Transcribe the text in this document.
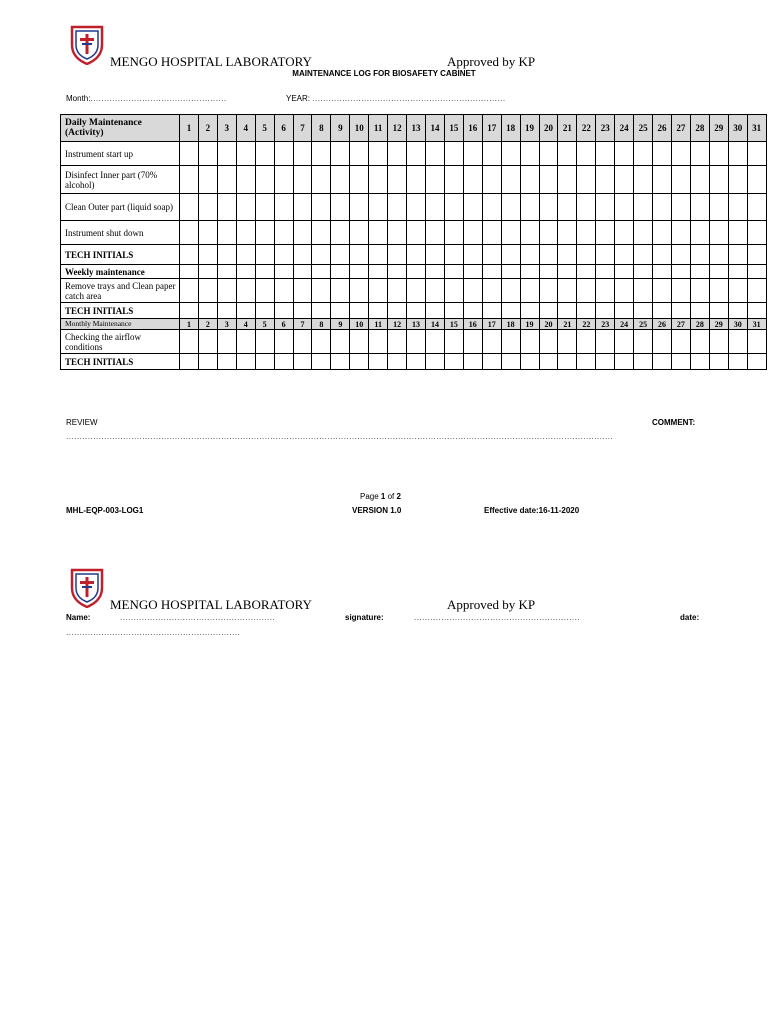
MENGO HOSPITAL LABORATORY	Approved by KP
MAINTENANCE LOG FOR BIOSAFETY CABINET
Month:..................................................	YEAR: .......................................................................
Daily Maintenance
(Activity)	1	2	3	4	5	6	7	8	9	10	11	12	13	14	15	16	17	18	19	20	21	22	23	24	25	26	27	28	29	30	31
Instrument start up																															
Disinfect Inner part (70% alcohol)																															
Clean Outer part (liquid soap)																															
Instrument shut down																															
TECH INITIALS																															
Weekly maintenance																															
Remove trays and Clean paper catch area																															
TECH INITIALS																															
Monthly Maintenance	1	2	3	4	5	6	7	8	9	10	11	12	13	14	15	16	17	18	19	20	21	22	23	24	25	26	27	28	29	30	31
Checking the airflow conditions																															
TECH INITIALS																															
REVIEW	COMMENT:
.........................................................................................................................................................................................................
Page 1 of 2
MHL-EQP-003-LOG1	VERSION 1.0	Effective date:16-11-2020
MENGO HOSPITAL LABORATORY	Approved by KP
Name:	.........................................................	signature:	.............................................................	date:
................................................................
